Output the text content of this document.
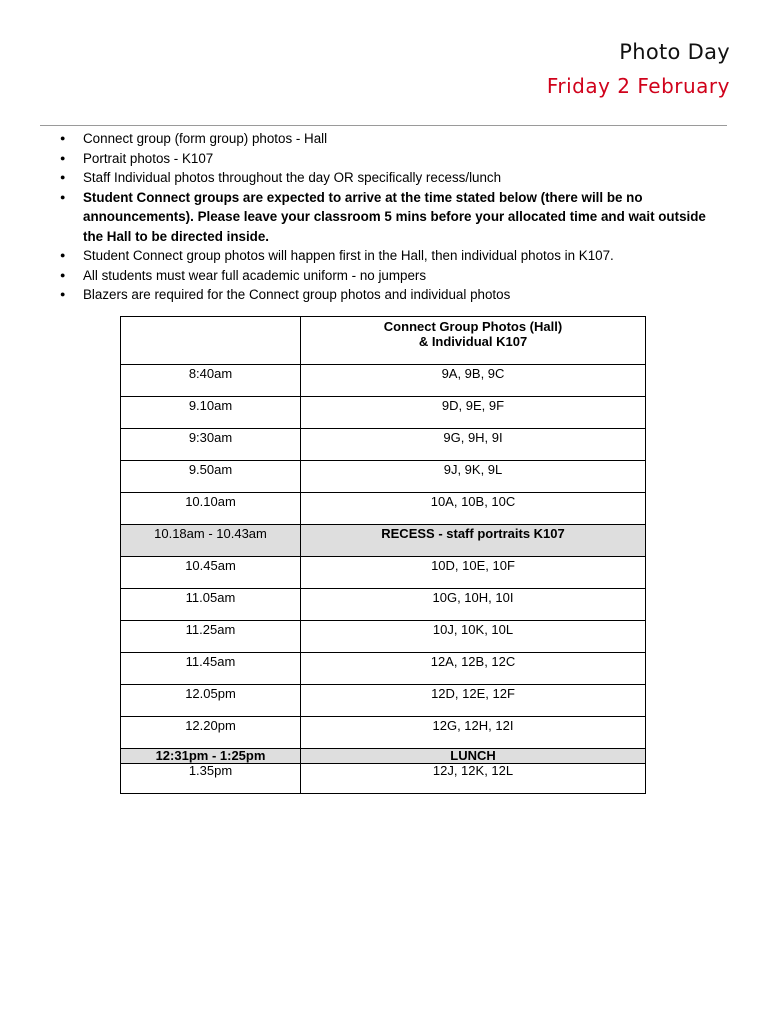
Photo Day
Friday 2 February
● Connect group (form group) photos - Hall
● Portrait photos - K107
● Staff Individual photos throughout the day OR specifically recess/lunch
● Student Connect groups are expected to arrive at the time stated below (there will be no announcements). Please leave your classroom 5 mins before your allocated time and wait outside the Hall to be directed inside.
● Student Connect group photos will happen first in the Hall, then individual photos in K107.
● All students must wear full academic uniform - no jumpers
● Blazers are required for the Connect group photos and individual photos

	Connect Group Photos (Hall)
& Individual K107

8:40am	9A, 9B, 9C
9.10am	9D, 9E, 9F
9:30am	9G, 9H, 9I
9.50am	9J, 9K, 9L
10.10am	10A, 10B, 10C
10.18am - 10.43am	RECESS - staff portraits K107
10.45am	10D, 10E, 10F
11.05am	10G, 10H, 10I
11.25am	10J, 10K, 10L
11.45am	12A, 12B, 12C
12.05pm	12D, 12E, 12F
12.20pm	12G, 12H, 12I
12:31pm - 1:25pm	LUNCH
1.35pm	12J, 12K, 12L
